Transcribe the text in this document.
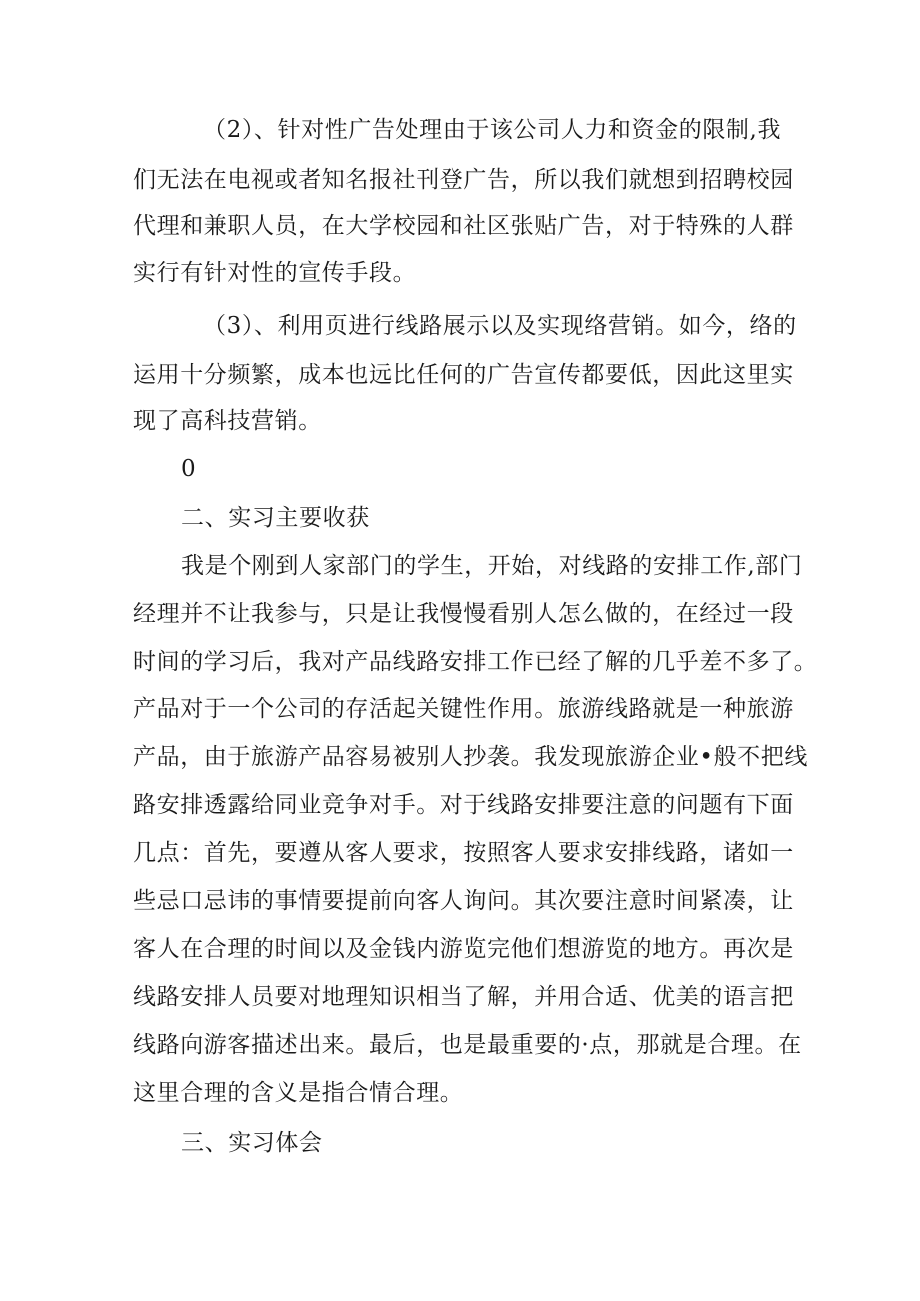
（2）、针对性广告处理由于该公司人力和资金的限制,我

们无法在电视或者知名报社刊登广告，所以我们就想到招聘校园

代理和兼职人员，在大学校园和社区张贴广告，对于特殊的人群

实行有针对性的宣传手段。

（3）、利用页进行线路展示以及实现络营销。如今，络的

运用十分频繁，成本也远比任何的广告宣传都要低，因此这里实

现了高科技营销。

0

二、实习主要收获

我是个刚到人家部门的学生，开始，对线路的安排工作,部门

经理并不让我参与，只是让我慢慢看别人怎么做的，在经过一段

时间的学习后，我对产品线路安排工作已经了解的几乎差不多了。

产品对于一个公司的存活起关键性作用。旅游线路就是一种旅游

产品，由于旅游产品容易被别人抄袭。我发现旅游企业•般不把线

路安排透露给同业竞争对手。对于线路安排要注意的问题有下面

几点：首先，要遵从客人要求，按照客人要求安排线路，诸如一

些忌口忌讳的事情要提前向客人询问。其次要注意时间紧凑，让

客人在合理的时间以及金钱内游览完他们想游览的地方。再次是

线路安排人员要对地理知识相当了解，并用合适、优美的语言把

线路向游客描述出来。最后，也是最重要的·点，那就是合理。在

这里合理的含义是指合情合理。

三、实习体会
